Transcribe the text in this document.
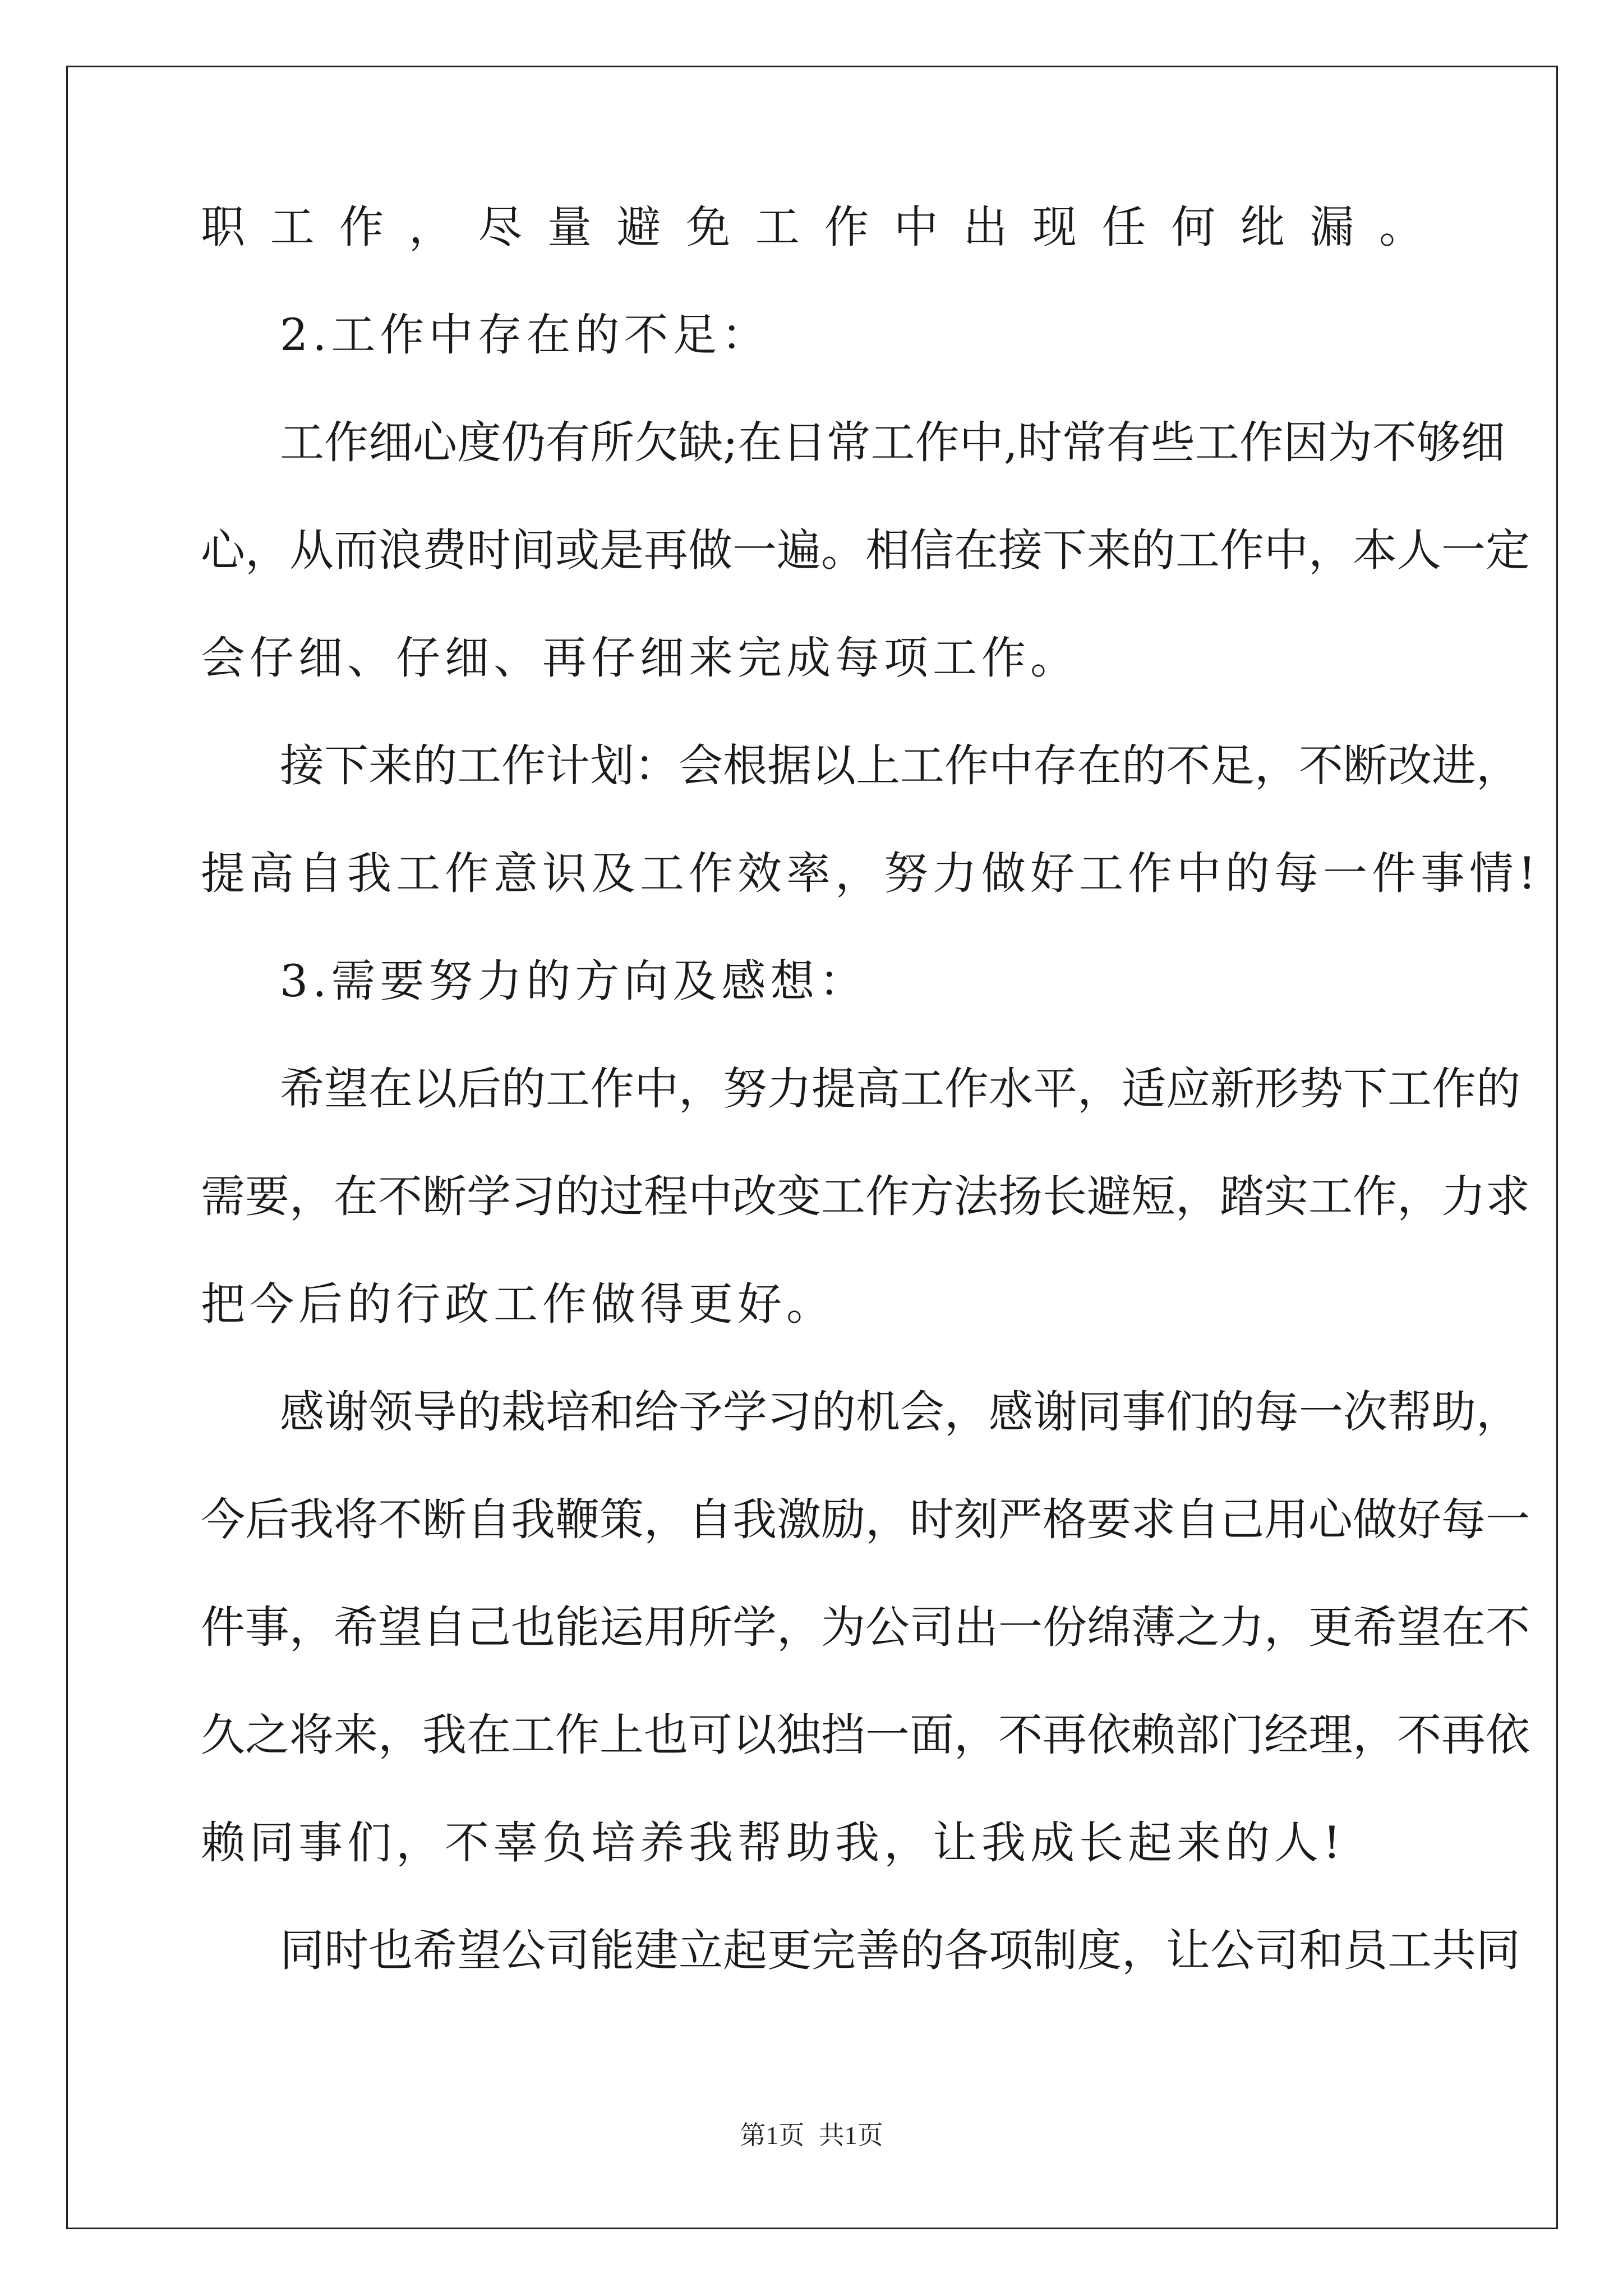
职工作，尽量避免工作中出现任何纰漏。
2.工作中存在的不足：
工作细心度仍有所欠缺;在日常工作中,时常有些工作因为不够细
心，从而浪费时间或是再做一遍。相信在接下来的工作中，本人一定
会仔细、仔细、再仔细来完成每项工作。
接下来的工作计划：会根据以上工作中存在的不足，不断改进，
提高自我工作意识及工作效率，努力做好工作中的每一件事情!
3.需要努力的方向及感想：
希望在以后的工作中，努力提高工作水平，适应新形势下工作的
需要，在不断学习的过程中改变工作方法扬长避短，踏实工作，力求
把今后的行政工作做得更好。
感谢领导的栽培和给予学习的机会，感谢同事们的每一次帮助，
今后我将不断自我鞭策，自我激励，时刻严格要求自己用心做好每一
件事，希望自己也能运用所学，为公司出一份绵薄之力，更希望在不
久之将来，我在工作上也可以独挡一面，不再依赖部门经理，不再依
赖同事们，不辜负培养我帮助我，让我成长起来的人!
同时也希望公司能建立起更完善的各项制度，让公司和员工共同
第1页 共1页
